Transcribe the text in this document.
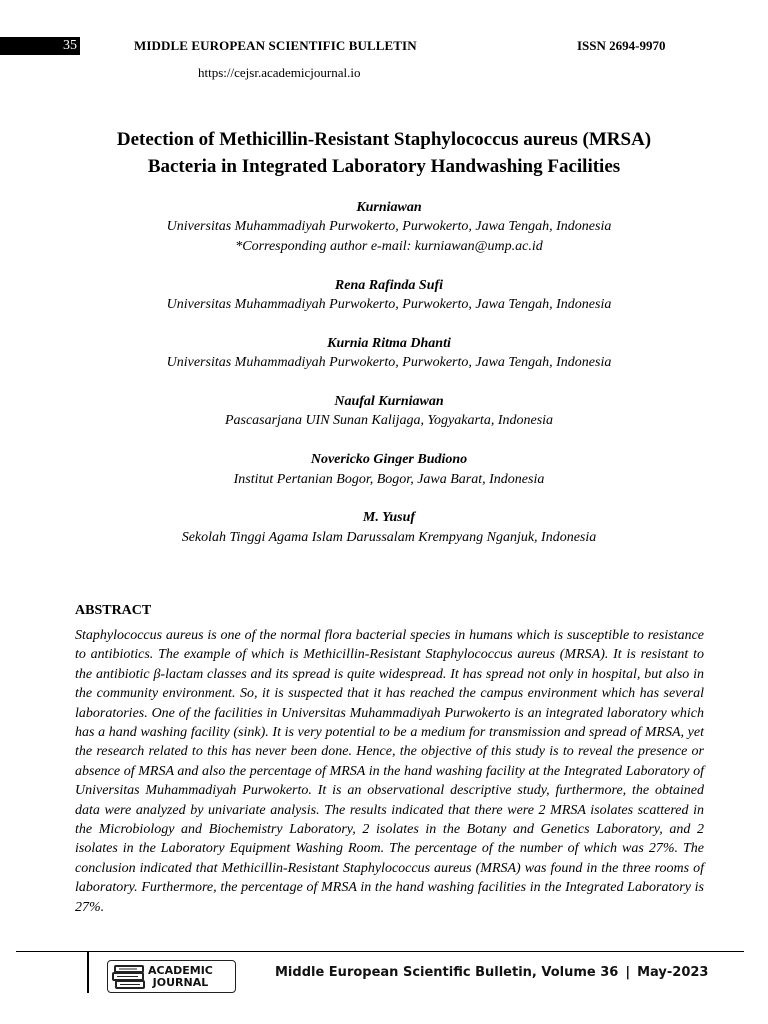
35	MIDDLE EUROPEAN SCIENTIFIC BULLETIN	ISSN 2694-9970
https://cejsr.academicjournal.io
Detection of Methicillin-Resistant Staphylococcus aureus (MRSA)
Bacteria in Integrated Laboratory Handwashing Facilities
Kurniawan
Universitas Muhammadiyah Purwokerto, Purwokerto, Jawa Tengah, Indonesia
*Corresponding author e-mail: kurniawan@ump.ac.id
Rena Rafinda Sufi
Universitas Muhammadiyah Purwokerto, Purwokerto, Jawa Tengah, Indonesia
Kurnia Ritma Dhanti
Universitas Muhammadiyah Purwokerto, Purwokerto, Jawa Tengah, Indonesia
Naufal Kurniawan
Pascasarjana UIN Sunan Kalijaga, Yogyakarta, Indonesia
Novericko Ginger Budiono
Institut Pertanian Bogor, Bogor, Jawa Barat, Indonesia
M. Yusuf
Sekolah Tinggi Agama Islam Darussalam Krempyang Nganjuk, Indonesia
ABSTRACT
Staphylococcus aureus is one of the normal flora bacterial species in humans which is susceptible to resistance to antibiotics. The example of which is Methicillin-Resistant Staphylococcus aureus (MRSA). It is resistant to the antibiotic β-lactam classes and its spread is quite widespread. It has spread not only in hospital, but also in the community environment. So, it is suspected that it has reached the campus environment which has several laboratories. One of the facilities in Universitas Muhammadiyah Purwokerto is an integrated laboratory which has a hand washing facility (sink). It is very potential to be a medium for transmission and spread of MRSA, yet the research related to this has never been done. Hence, the objective of this study is to reveal the presence or absence of MRSA and also the percentage of MRSA in the hand washing facility at the Integrated Laboratory of Universitas Muhammadiyah Purwokerto. It is an observational descriptive study, furthermore, the obtained data were analyzed by univariate analysis. The results indicated that there were 2 MRSA isolates scattered in the Microbiology and Biochemistry Laboratory, 2 isolates in the Botany and Genetics Laboratory, and 2 isolates in the Laboratory Equipment Washing Room. The percentage of the number of which was 27%. The conclusion indicated that Methicillin-Resistant Staphylococcus aureus (MRSA) was found in the three rooms of laboratory. Furthermore, the percentage of MRSA in the hand washing facilities in the Integrated Laboratory is 27%.
ACADEMIC
JOURNAL
Middle European Scientific Bulletin, Volume 36 | May-2023
